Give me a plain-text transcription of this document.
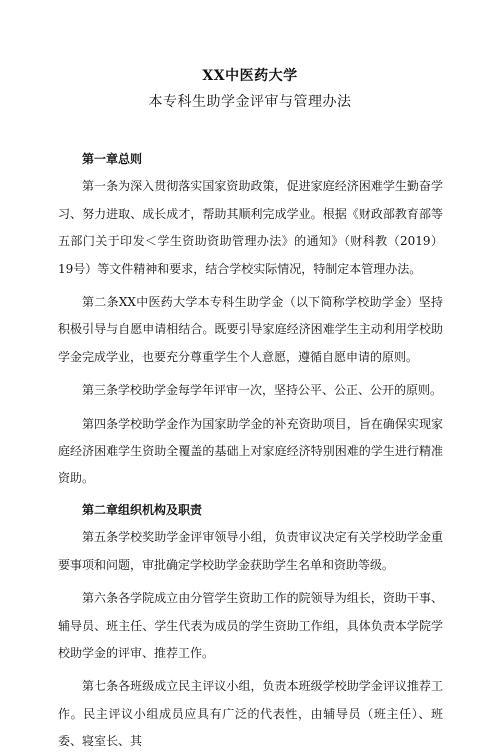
XX中医药大学
本专科生助学金评审与管理办法
第一章总则

第一条为深入贯彻落实国家资助政策，促进家庭经济困难学生勤奋学习、努力进取、成长成才，帮助其顺利完成学业。根据《财政部教育部等五部门关于印发＜学生资助资助管理办法》的通知》（财科教（2019）19号）等文件精神和要求，结合学校实际情况，特制定本管理办法。

第二条XX中医药大学本专科生助学金（以下简称学校助学金）坚持积极引导与自愿申请相结合。既要引导家庭经济困难学生主动利用学校助学金完成学业，也要充分尊重学生个人意愿，遵循自愿申请的原则。

第三条学校助学金每学年评审一次，坚持公平、公正、公开的原则。

第四条学校助学金作为国家助学金的补充资助项目，旨在确保实现家庭经济困难学生资助全覆盖的基础上对家庭经济特别困难的学生进行精准资助。

第二章组织机构及职责

第五条学校奖助学金评审领导小组，负责审议决定有关学校助学金重要事项和问题，审批确定学校助学金获助学生名单和资助等级。

第六条各学院成立由分管学生资助工作的院领导为组长，资助干事、辅导员、班主任、学生代表为成员的学生资助工作组，具体负责本学院学校助学金的评审、推荐工作。

第七条各班级成立民主评议小组，负责本班级学校助学金评议推荐工作。民主评议小组成员应具有广泛的代表性，由辅导员（班主任）、班委、寝室长、其
